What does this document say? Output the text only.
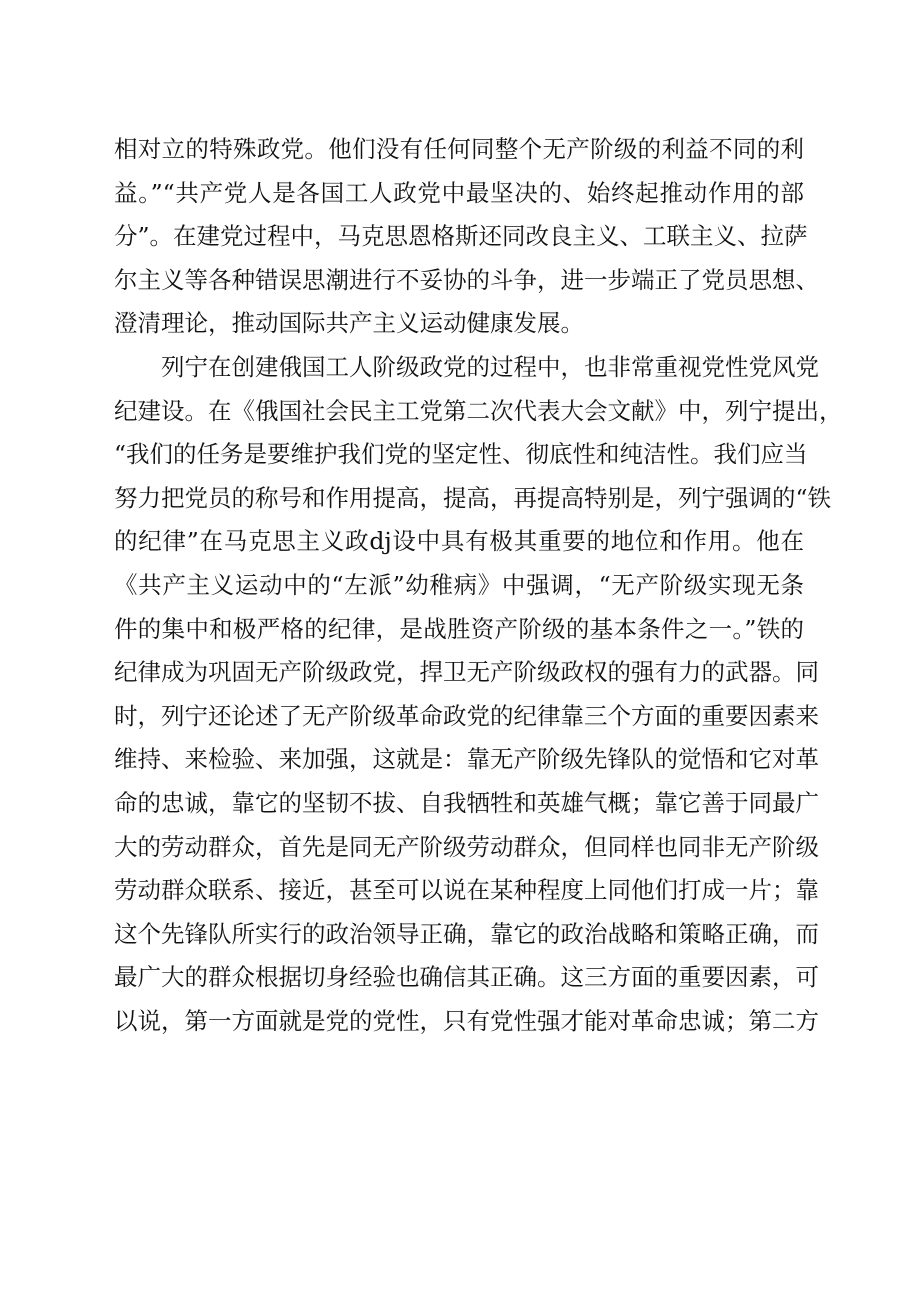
相对立的特殊政党。他们没有任何同整个无产阶级的利益不同的利
益。”“共产党人是各国工人政党中最坚决的、始终起推动作用的部
分”。在建党过程中，马克思恩格斯还同改良主义、工联主义、拉萨
尔主义等各种错误思潮进行不妥协的斗争，进一步端正了党员思想、
澄清理论，推动国际共产主义运动健康发展。
列宁在创建俄国工人阶级政党的过程中，也非常重视党性党风党
纪建设。在《俄国社会民主工党第二次代表大会文献》中，列宁提出，
“我们的任务是要维护我们党的坚定性、彻底性和纯洁性。我们应当
努力把党员的称号和作用提高，提高，再提高特别是，列宁强调的“铁
的纪律”在马克思主义政dj设中具有极其重要的地位和作用。他在
《共产主义运动中的“左派”幼稚病》中强调，“无产阶级实现无条
件的集中和极严格的纪律，是战胜资产阶级的基本条件之一。”铁的
纪律成为巩固无产阶级政党，捍卫无产阶级政权的强有力的武器。同
时，列宁还论述了无产阶级革命政党的纪律靠三个方面的重要因素来
维持、来检验、来加强，这就是：靠无产阶级先锋队的觉悟和它对革
命的忠诚，靠它的坚韧不拔、自我牺牲和英雄气概；靠它善于同最广
大的劳动群众，首先是同无产阶级劳动群众，但同样也同非无产阶级
劳动群众联系、接近，甚至可以说在某种程度上同他们打成一片；靠
这个先锋队所实行的政治领导正确，靠它的政治战略和策略正确，而
最广大的群众根据切身经验也确信其正确。这三方面的重要因素，可
以说，第一方面就是党的党性，只有党性强才能对革命忠诚；第二方
